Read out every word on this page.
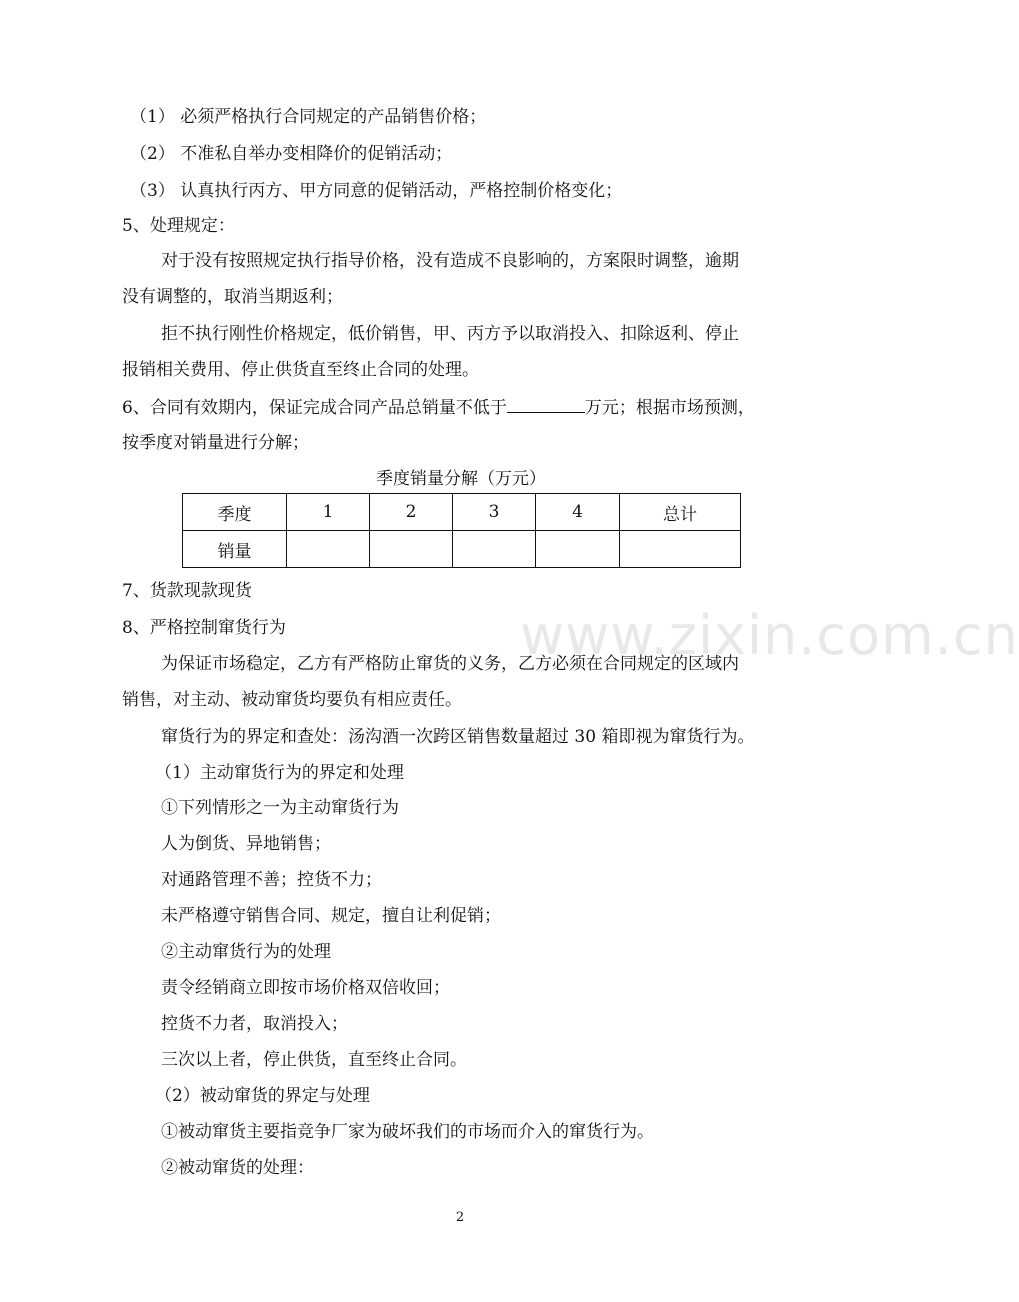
（1） 必须严格执行合同规定的产品销售价格；
（2） 不准私自举办变相降价的促销活动；
（3） 认真执行丙方、甲方同意的促销活动，严格控制价格变化；
5、处理规定：
对于没有按照规定执行指导价格，没有造成不良影响的，方案限时调整，逾期
没有调整的，取消当期返利；
拒不执行刚性价格规定，低价销售，甲、丙方予以取消投入、扣除返利、停止
报销相关费用、停止供货直至终止合同的处理。
6、合同有效期内，保证完成合同产品总销量不低于	万元；根据市场预测，
按季度对销量进行分解；
季度销量分解（万元）
季度	1	2	3	4	总计
销量					
7、货款现款现货
8、严格控制窜货行为
为保证市场稳定，乙方有严格防止窜货的义务，乙方必须在合同规定的区域内
销售，对主动、被动窜货均要负有相应责任。
窜货行为的界定和查处：汤沟酒一次跨区销售数量超过 30 箱即视为窜货行为。
（1）主动窜货行为的界定和处理
①下列情形之一为主动窜货行为
人为倒货、异地销售；
对通路管理不善；控货不力；
未严格遵守销售合同、规定，擅自让利促销；
②主动窜货行为的处理
责令经销商立即按市场价格双倍收回；
控货不力者，取消投入；
三次以上者，停止供货，直至终止合同。
（2）被动窜货的界定与处理
①被动窜货主要指竞争厂家为破坏我们的市场而介入的窜货行为。
②被动窜货的处理：
www.zixin.com.cn
2
